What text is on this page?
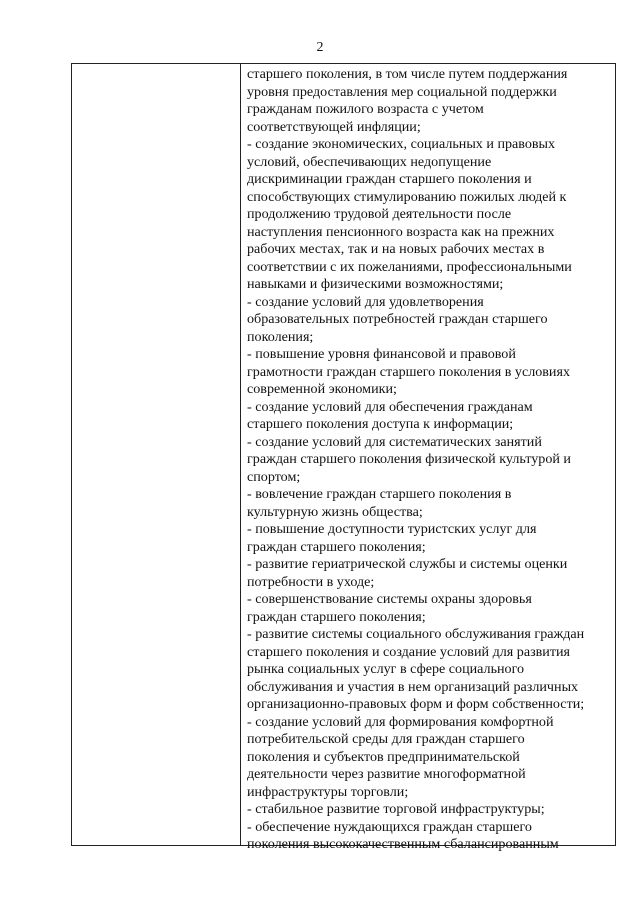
2
старшего поколения, в том числе путем поддержания
уровня предоставления мер социальной поддержки
гражданам пожилого возраста с учетом
соответствующей инфляции;
- создание экономических, социальных и правовых
условий, обеспечивающих недопущение
дискриминации граждан старшего поколения и
способствующих стимулированию пожилых людей к
продолжению трудовой деятельности после
наступления пенсионного возраста как на прежних
рабочих местах, так и на новых рабочих местах в
соответствии с их пожеланиями, профессиональными
навыками и физическими возможностями;
- создание условий для удовлетворения
образовательных потребностей граждан старшего
поколения;
- повышение уровня финансовой и правовой
грамотности граждан старшего поколения в условиях
современной экономики;
- создание условий для обеспечения гражданам
старшего поколения доступа к информации;
- создание условий для систематических занятий
граждан старшего поколения физической культурой и
спортом;
- вовлечение граждан старшего поколения в
культурную жизнь общества;
- повышение доступности туристских услуг для
граждан старшего поколения;
- развитие гериатрической службы и системы оценки
потребности в уходе;
- совершенствование системы охраны здоровья
граждан старшего поколения;
- развитие системы социального обслуживания граждан
старшего поколения и создание условий для развития
рынка социальных услуг в сфере социального
обслуживания и участия в нем организаций различных
организационно-правовых форм и форм собственности;
- создание условий для формирования комфортной
потребительской среды для граждан старшего
поколения и субъектов предпринимательской
деятельности через развитие многоформатной
инфраструктуры торговли;
- стабильное развитие торговой инфраструктуры;
- обеспечение нуждающихся граждан старшего
поколения высококачественным сбалансированным
